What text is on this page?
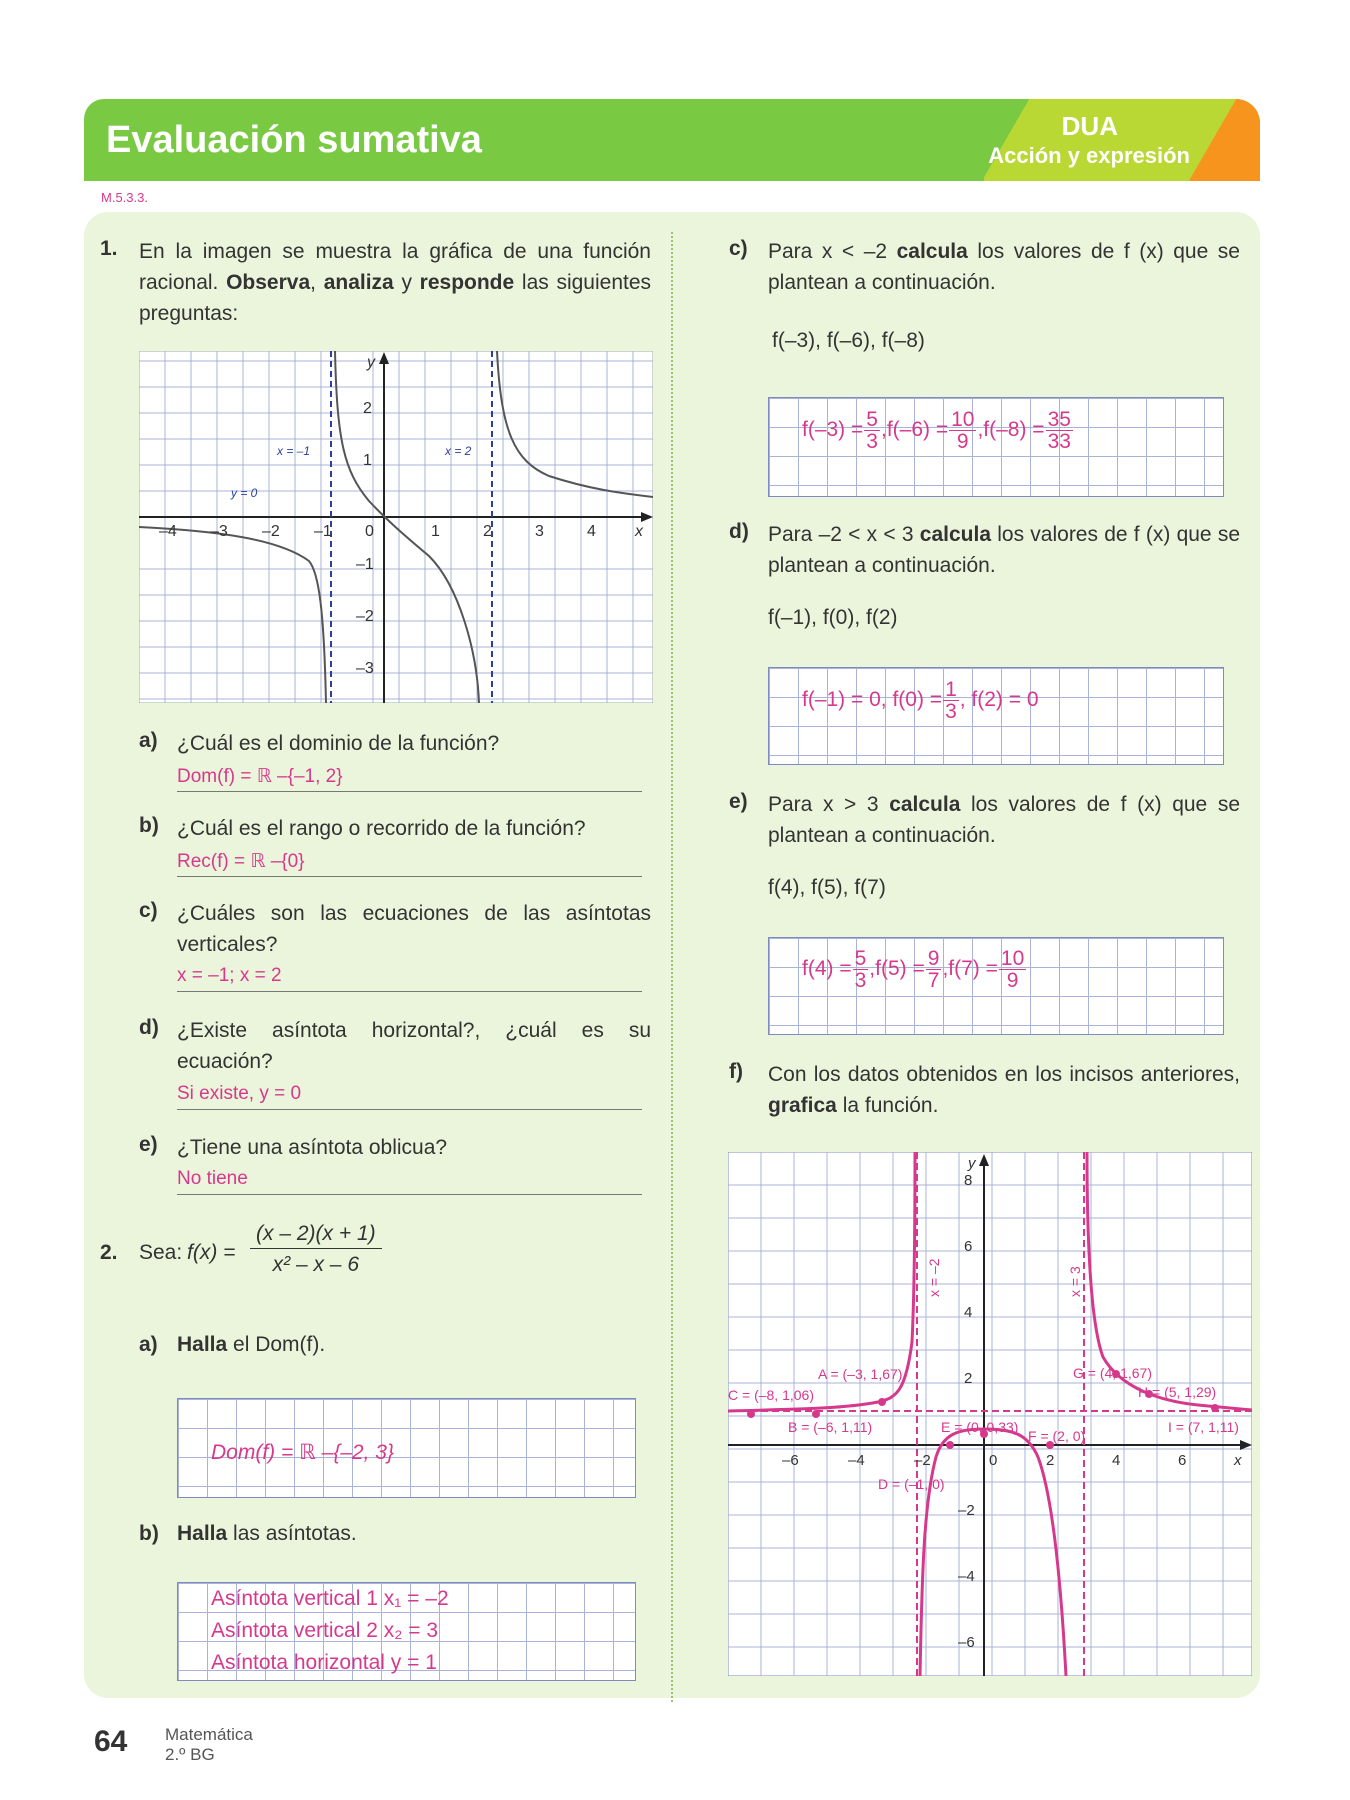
Evaluación sumativa	DUA
Acción y expresión
M.5.3.3.
1. En la imagen se muestra la gráfica de una función racional. Observa, analiza y responde las siguientes preguntas:
–4 –3 –2 –1 0	1	2	3	4
2
1
–1
–2
–3
x
y
x = –1	x = 2
y = 0
a) ¿Cuál es el dominio de la función?
Dom(f) = ℝ –{–1, 2}
b) ¿Cuál es el rango o recorrido de la función?
Rec(f) = ℝ –{0}
c) ¿Cuáles son las ecuaciones de las asíntotas verticales?
x = –1; x = 2
d) ¿Existe asíntota horizontal?, ¿cuál es su ecuación?
Si existe, y = 0
e) ¿Tiene una asíntota oblicua?
No tiene
2. Sea: $f(x) = \frac{(x - 2)(x + 1)}{\text{x² – x – 6}}$
a) Halla el Dom(f).
Dom(f) = ℝ –{–2, 3}
b) Halla las asíntotas.
Asíntota vertical 1 x₁ = –2
Asíntota vertical 2 x₂ = 3
Asíntota horizontal y = 1
c) Para x < –2 calcula los valores de f (x) que se plantean a continuación.
f(–3), f(–6), f(–8)
$f(-3) = \frac{5}{3}$ , $f(-6) = \frac{10}{9}$ , $f(-8) = \frac{35}{33}$
d) Para –2 < x < 3 calcula los valores de f (x) que se plantean a continuación.
f(–1), f(0), f(2)
f(–1) = 0, $f(0) = \frac{1}{3}$ , f(2) = 0
e) Para x > 3 calcula los valores de f (x) que se plantean a continuación.
f(4), f(5), f(7)
$f(4) = \frac{5}{3}$ , $f(5) = \frac{9}{7}$ , $f(7) = \frac{10}{9}$
f) Con los datos obtenidos en los incisos anteriores, grafica la función.
–6	–4	–2	0	2	4	6
8
6
4
2
–2
–4
–6
x
y
x = –2	x = 3
A = (–3, 1,67)
C = (–8, 1,06)
B = (–6, 1,11)
D = (–1, 0)
E = (0, 0,33)
F = (2, 0)
G = (4, 1,67)
H = (5, 1,29)
I = (7, 1,11)
64 Matemática
2.º BG
